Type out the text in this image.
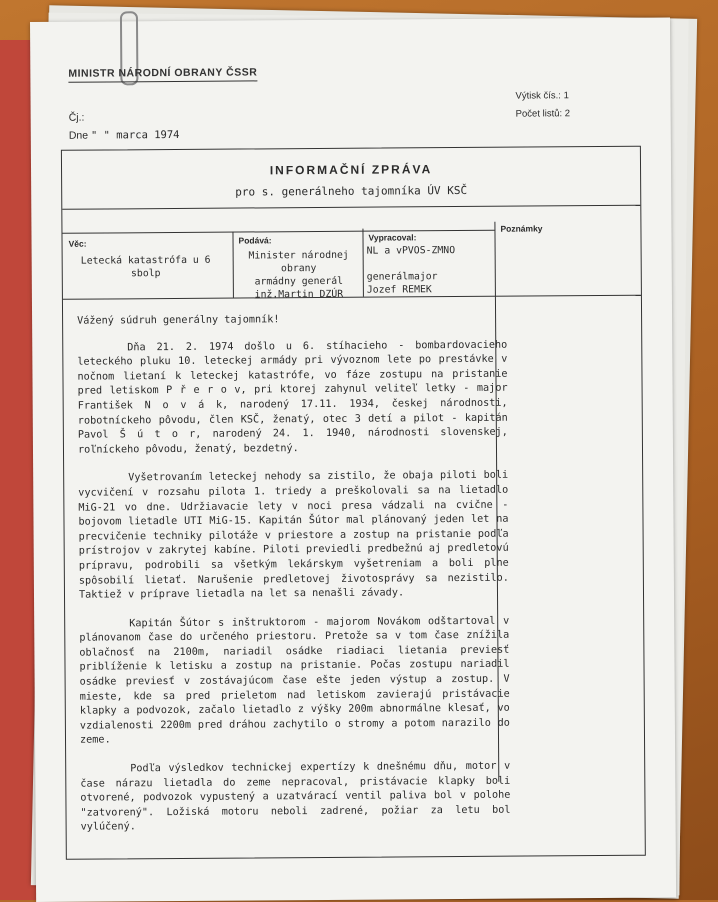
MINISTR NÁRODNÍ OBRANY ČSSR
Čj.:
Dne " " marca 1974
Výtisk čís.: 1
Počet listů: 2
INFORMAČNÍ ZPRÁVA
pro s. generálneho tajomníka ÚV KSČ
Věc:	Podává:	Vypracoval:
Poznámky
Letecká katastrófa u 6 sbolp
Minister národnej
obrany
armádny generál
inž.Martin DZÚR
NL a vPVOS-ZMNO

generálmajor
Jozef REMEK

Vážený súdruh generálny tajomník!

Dňa 21. 2. 1974 došlo u 6. stíhacieho - bombardovacieho leteckého pluku 10. leteckej armády pri vývoznom lete po prestávke v nočnom lietaní k leteckej katastrófe, vo fáze zostupu na pristanie pred letiskom P ř e r o v, pri ktorej zahynul veliteľ letky - major František N o v á k, narodený 17.11. 1934, českej národnosti, robotníckeho pôvodu, člen KSČ, ženatý, otec 3 detí a pilot - kapitán Pavol Š ú t o r, narodený 24. 1. 1940, národnosti slovenskej, roľníckeho pôvodu, ženatý, bezdetný.

Vyšetrovaním leteckej nehody sa zistilo, že obaja piloti boli vycvičení v rozsahu pilota 1. triedy a preškolovali sa na lietadlo MiG-21 vo dne. Udržiavacie lety v noci presa vádzali na cvične - bojovom lietadle UTI MiG-15. Kapitán Šútor mal plánovaný jeden let na precvičenie techniky pilotáže v priestore a zostup na pristanie podľa prístrojov v zakrytej kabíne. Piloti previedli predbežnú aj predletovú prípravu, podrobili sa všetkým lekárskym vyšetreniam a boli plne spôsobilí lietať. Narušenie predletovej životosprávy sa nezistilo. Taktiež v príprave lietadla na let sa nenašli závady.

Kapitán Šútor s inštruktorom - majorom Novákom odštartoval v plánovanom čase do určeného priestoru. Pretože sa v tom čase znížila oblačnosť na 2100m, nariadil osádke riadiaci lietania previesť priblíženie k letisku a zostup na pristanie. Počas zostupu nariadil osádke previesť v zostávajúcom čase ešte jeden výstup a zostup. V mieste, kde sa pred prieletom nad letiskom zavierajú pristávacie klapky a podvozok, začalo lietadlo z výšky 200m abnormálne klesať, vo vzdialenosti 2200m pred dráhou zachytilo o stromy a potom narazilo do zeme.

Podľa výsledkov technickej expertízy k dnešnému dňu, motor v čase nárazu lietadla do zeme nepracoval, pristávacie klapky boli otvorené, podvozok vypustený a uzatvárací ventil paliva bol v polohe "zatvorený". Ložiská motoru neboli zadrené, požiar za letu bol vylúčený.
